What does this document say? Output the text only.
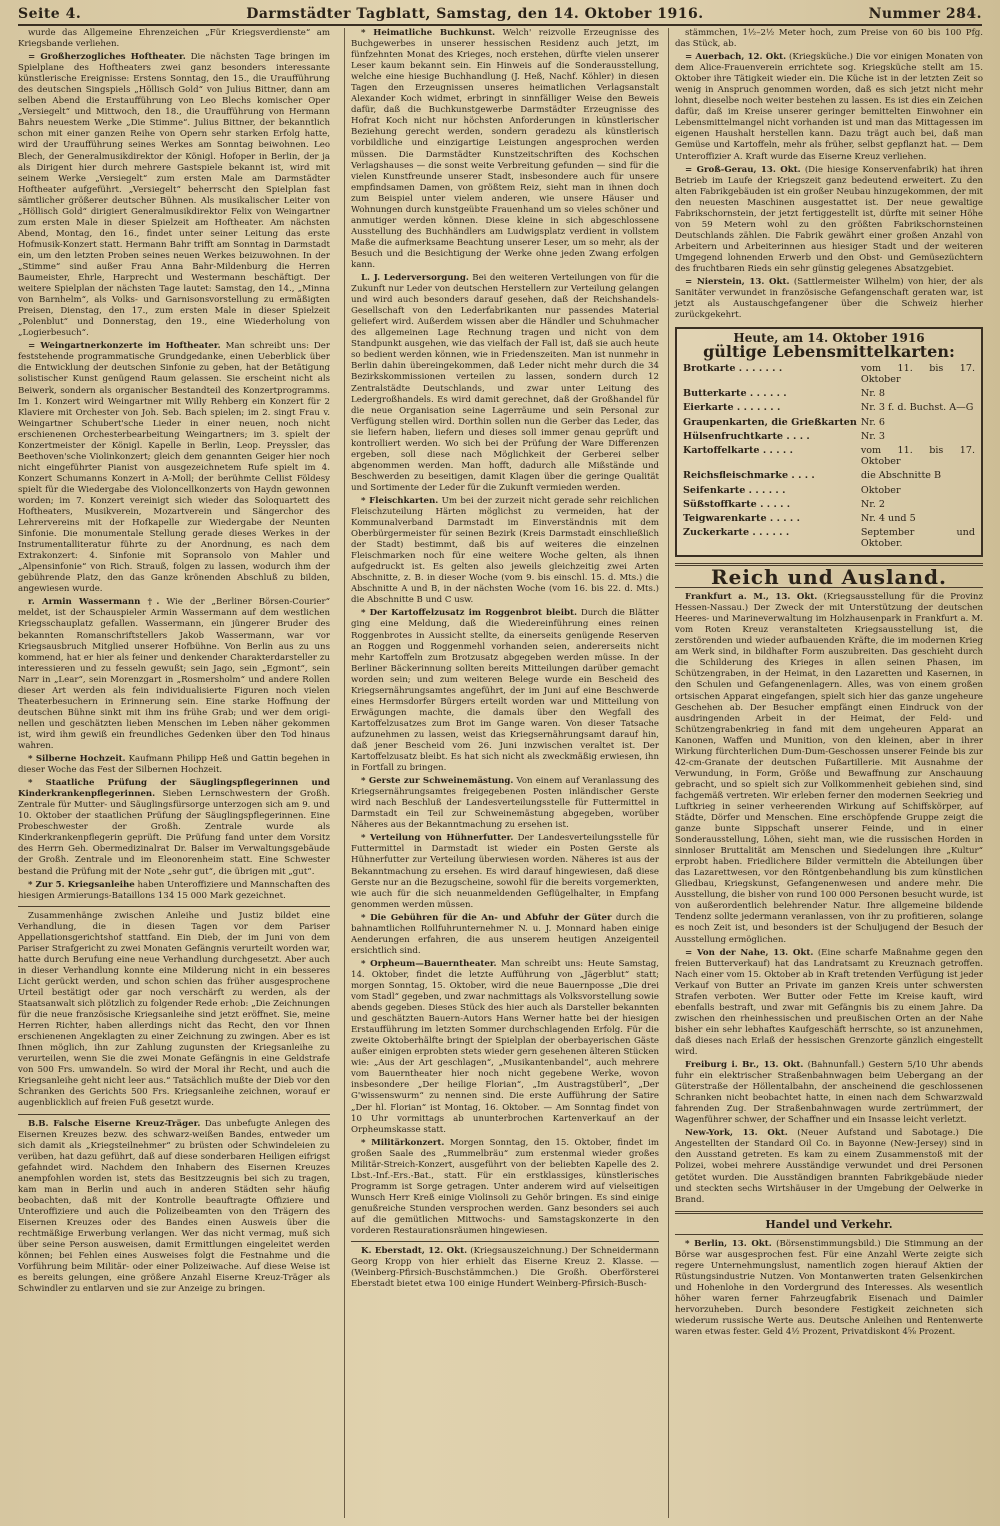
Seite 4.	Darmstädter Tagblatt, Samstag, den 14. Oktober 1916.	Nummer 284.

wurde das Allgemeine Ehrenzeichen „Für Kriegsverdienste“ am Kriegsbande verliehen.

= Großherzogliches Hoftheater. Die nächsten Tage bringen im Spielplane des Hoftheaters zwei ganz besonders interessante künstlerische Ereignisse: Erstens Sonntag, den 15., die Uraufführung des deutschen Singspiels „Höllisch Gold“ von Julius Bittner, dann am selben Abend die Erstaufführung von Leo Blechs komischer Oper „Versiegelt“ und Mittwoch, den 18., die Uraufführung von Hermann Bahrs neuestem Werke „Die Stimme“. Julius Bittner, der bekanntlich schon mit einer ganzen Reihe von Opern sehr starken Erfolg hatte, wird der Uraufführung seines Werkes am Sonntag beiwohnen. Leo Blech, der Generalmusikdirektor der Königl. Hofoper in Berlin, der ja als Dirigent hier durch mehrere Gastspiele bekannt ist, wird mit seinem Werke „Versiegelt“ zum ersten Male am Darmstädter Hoftheater aufgeführt. „Versiegelt“ beherrscht den Spielplan fast sämtlicher größerer deutscher Bühnen. Als musikalischer Leiter von „Höllisch Gold“ dirigiert Generalmusikdirektor Felix von Weingartner zum ersten Male in dieser Spielzeit am Hoftheater. Am nächsten Abend, Montag, den 16., findet unter seiner Leitung das erste Hofmusik-Konzert statt. Hermann Bahr trifft am Sonntag in Darmstadt ein, um den letzten Proben seines neuen Werkes beizuwohnen. In der „Stimme“ sind außer Frau Anna Bahr-Mildenburg die Herren Baumeister, Ehrle, Harprecht und Westermann beschäftigt. Der weitere Spielplan der nächsten Tage lautet: Samstag, den 14., „Minna von Barnhelm“, als Volks- und Garnisonsvorstellung zu ermäßigten Preisen, Dienstag, den 17., zum ersten Male in dieser Spielzeit „Polenblut“ und Donnerstag, den 19., eine Wiederholung von „Logierbesuch“.

= Weingartnerkonzerte im Hoftheater. Man schreibt uns: Der feststehende programmatische Grundgedanke, einen Ueberblick über die Entwicklung der deutschen Sinfonie zu geben, hat der Betätigung solistischer Kunst genügend Raum gelassen. Sie erscheint nicht als Beiwerk, sondern als organischer Bestandteil des Konzertprogramms. Im 1. Konzert wird Weingartner mit Willy Rehberg ein Konzert für 2 Klaviere mit Orchester von Joh. Seb. Bach spielen; im 2. singt Frau v. Weingartner Schubert'sche Lieder in einer neuen, noch nicht erschienenen Orchesterbearbeitung Weingartners; im 3. spielt der Konzertmeister der Königl. Kapelle in Berlin, Leop. Preyssler, das Beethoven'sche Violinkonzert; gleich dem genannten Geiger hier noch nicht eingeführter Pianist von ausgezeichnetem Rufe spielt im 4. Konzert Schumanns Konzert in A-Moll; der berühmte Cellist Földesy spielt für die Wiedergabe des Violoncellkonzerts von Haydn gewonnen worden; im 7. Konzert vereinigt sich wieder das Soloquartett des Hoftheaters, Musikverein, Mozartverein und Sängerchor des Lehrervereins mit der Hofkapelle zur Wiedergabe der Neunten Sinfonie. Die monumentale Stellung gerade dieses Werkes in der Instrumentalliteratur führte zu der Anordnung, es nach dem Extrakonzert: 4. Sinfonie mit Sopransolo von Mahler und „Alpensinfonie“ von Rich. Strauß, folgen zu lassen, wodurch ihm der gebührende Platz, den das Ganze krönenden Abschluß zu bilden, angewiesen wurde.

r. Armin Wassermann †. Wie der „Berliner Börsen-Courier“ meldet, ist der Schauspieler Armin Wassermann auf dem westlichen Kriegsschauplatz gefallen. Wassermann, ein jüngerer Bruder des bekannten Romanschriftstellers Jakob Wassermann, war vor Kriegsausbruch Mitglied unserer Hofbühne. Von Berlin aus zu uns kommend, hat er hier als feiner und denkender Charakterdarsteller zu interessieren und zu fesseln gewußt; sein Jago, sein „Egmont“, sein Narr in „Lear“, sein Morenzgart in „Rosmersholm“ und andere Rollen dieser Art werden als fein individualisierte Figuren noch vielen Theaterbesuchern in Erinnerung sein. Eine starke Hoffnung der deutschen Bühne sinkt mit ihm ins frühe Grab; und wer dem origi-nellen und geschätzten lieben Menschen im Leben näher gekommen ist, wird ihm gewiß ein freundliches Gedenken über den Tod hinaus wahren.

* Silberne Hochzeit. Kaufmann Philipp Heß und Gattin begehen in dieser Woche das Fest der Silbernen Hochzeit.

* Staatliche Prüfung der Säuglingspflegerinnen und Kinderkrankenpflegerinnen. Sieben Lernschwestern der Großh. Zentrale für Mutter- und Säuglingsfürsorge unterzogen sich am 9. und 10. Oktober der staatlichen Prüfung der Säuglingspflegerinnen. Eine Probeschwester der Großh. Zentrale wurde als Kinderkrankenpflegerin geprüft. Die Prüfung fand unter dem Vorsitz des Herrn Geh. Obermedizinalrat Dr. Balser im Verwaltungsgebäude der Großh. Zentrale und im Eleonorenheim statt. Eine Schwester bestand die Prüfung mit der Note „sehr gut“, die übrigen mit „gut“.

* Zur 5. Kriegsanleihe haben Unteroffiziere und Mannschaften des hiesigen Armierungs-Bataillons 134 15 000 Mark gezeichnet.

Zusammenhänge zwischen Anleihe und Justiz bildet eine Verhandlung, die in diesen Tagen vor dem Pariser Appellationsgerichtshof stattfand. Ein Dieb, der im Juni von dem Pariser Strafgericht zu zwei Monaten Gefängnis verurteilt worden war, hatte durch Berufung eine neue Verhandlung durchgesetzt. Aber auch in dieser Verhandlung konnte eine Milderung nicht in ein besseres Licht gerückt werden, und schon schien das früher ausgesprochene Urteil bestätigt oder gar noch verschärft zu werden, als der Staatsanwalt sich plötzlich zu folgender Rede erhob: „Die Zeichnungen für die neue französische Kriegsanleihe sind jetzt eröffnet. Sie, meine Herren Richter, haben allerdings nicht das Recht, den vor Ihnen erschienenen Angeklagten zu einer Zeichnung zu zwingen. Aber es ist Ihnen möglich, ihn zur Zahlung zugunsten der Kriegsanleihe zu verurteilen, wenn Sie die zwei Monate Gefängnis in eine Geldstrafe von 500 Frs. umwandeln. So wird der Moral ihr Recht, und auch die Kriegsanleihe geht nicht leer aus.“ Tatsächlich mußte der Dieb vor den Schranken des Gerichts 500 Frs. Kriegsanleihe zeichnen, worauf er augenblicklich auf freien Fuß gesetzt wurde.

B.B. Falsche Eiserne Kreuz-Träger. Das unbefugte Anlegen des Eisernen Kreuzes bezw. des schwarz-weißen Bandes, entweder um sich damit als „Kriegsteilnehmer“ zu brüsten oder Schwindeleien zu verüben, hat dazu geführt, daß auf diese sonderbaren Heiligen eifrigst gefahndet wird. Nachdem den Inhabern des Eisernen Kreuzes anempfohlen worden ist, stets das Besitzzeugnis bei sich zu tragen, kam man in Berlin und auch in anderen Städten sehr häufig beobachten, daß mit der Kontrolle beauftragte Offiziere und Unteroffiziere und auch die Polizeibeamten von den Trägern des Eisernen Kreuzes oder des Bandes einen Ausweis über die rechtmäßige Erwerbung verlangen. Wer das nicht vermag, muß sich über seine Person ausweisen, damit Ermittlungen eingeleitet werden können; bei Fehlen eines Ausweises folgt die Festnahme und die Vorführung beim Militär- oder einer Polizeiwache. Auf diese Weise ist es bereits gelungen, eine größere Anzahl Eiserne Kreuz-Träger als Schwindler zu entlarven und sie zur Anzeige zu bringen.

* Heimatliche Buchkunst. Welch' reizvolle Erzeugnisse des Buchgewerbes in unserer hessischen Residenz auch jetzt, im fünfzehnten Monat des Krieges, noch erstehen, dürfte vielen unserer Leser kaum bekannt sein. Ein Hinweis auf die Sonderausstellung, welche eine hiesige Buchhandlung (J. Heß, Nachf. Köhler) in diesen Tagen den Erzeugnissen unseres heimatlichen Verlagsanstalt Alexander Koch widmet, erbringt in sinnfälliger Weise den Beweis dafür, daß die Buchkunstgewerbe Darmstädter Erzeugnisse des Hofrat Koch nicht nur höchsten Anforderungen in künstlerischer Beziehung gerecht werden, sondern geradezu als künstlerisch vorbildliche und einzigartige Leistungen angesprochen werden müssen. Die Darmstädter Kunstzeitschriften des Kochschen Verlagshauses — die sonst weite Verbreitung gefunden — sind für die vielen Kunstfreunde unserer Stadt, insbesondere auch für unsere empfindsamen Damen, von größtem Reiz, sieht man in ihnen doch zum Beispiel unter vielem anderen, wie unsere Häuser und Wohnungen durch kunstgeübte Frauenhand um so vieles schöner und anmutiger werden können. Diese kleine in sich abgeschlossene Ausstellung des Buchhändlers am Ludwigsplatz verdient in vollstem Maße die aufmerksame Beachtung unserer Leser, um so mehr, als der Besuch und die Besichtigung der Werke ohne jeden Zwang erfolgen kann.

L. J. Lederversorgung. Bei den weiteren Verteilungen von für die Zukunft nur Leder von deutschen Herstellern zur Verteilung gelangen und wird auch besonders darauf gesehen, daß der Reichshandels-Gesellschaft von den Lederfabrikanten nur passendes Material geliefert wird. Außerdem wissen aber die Händler und Schuhmacher des allgemeinen Lage Rechnung tragen und nicht von dem Standpunkt ausgehen, wie das vielfach der Fall ist, daß sie auch heute so bedient werden können, wie in Friedenszeiten. Man ist nunmehr in Berlin dahin übereingekommen, daß Leder nicht mehr durch die 34 Bezirkskommissionen verteilen zu lassen, sondern durch 12 Zentralstädte Deutschlands, und zwar unter Leitung des Ledergroßhandels. Es wird damit gerechnet, daß der Großhandel für die neue Organisation seine Lagerräume und sein Personal zur Verfügung stellen wird. Dorthin sollen nun die Gerber das Leder, das sie liefern haben, liefern und dieses soll immer genau geprüft und kontrolliert werden. Wo sich bei der Prüfung der Ware Differenzen ergeben, soll diese nach Möglichkeit der Gerberei selber abgenommen werden. Man hofft, dadurch alle Mißstände und Beschwerden zu beseitigen, damit Klagen über die geringe Qualität und Sortimente der Leder für die Zukunft vermieden werden.

* Fleischkarten. Um bei der zurzeit nicht gerade sehr reichlichen Fleischzuteilung Härten möglichst zu vermeiden, hat der Kommunalverband Darmstadt im Einverständnis mit dem Oberbürgermeister für seinen Bezirk (Kreis Darmstadt einschließlich der Stadt) bestimmt, daß bis auf weiteres die einzelnen Fleischmarken noch für eine weitere Woche gelten, als ihnen aufgedruckt ist. Es gelten also jeweils gleichzeitig zwei Arten Abschnitte, z. B. in dieser Woche (vom 9. bis einschl. 15. d. Mts.) die Abschnitte A und B, in der nächsten Woche (vom 16. bis 22. d. Mts.) die Abschnitte B und C usw.

* Der Kartoffelzusatz im Roggenbrot bleibt. Durch die Blätter ging eine Meldung, daß die Wiedereinführung eines reinen Roggenbrotes in Aussicht stellte, da einerseits genügende Reserven an Roggen und Roggenmehl vorhanden seien, andererseits nicht mehr Kartoffeln zum Brotzusatz abgegeben werden müsse. In der Berliner Bäckerinnung sollten bereits Mitteilungen darüber gemacht worden sein; und zum weiteren Belege wurde ein Bescheid des Kriegsernährungsamtes angeführt, der im Juni auf eine Beschwerde eines Hermsdorfer Bürgers erteilt worden war und Mitteilung von Erwägungen machte, die damals über den Wegfall des Kartoffelzusatzes zum Brot im Gange waren. Von dieser Tatsache aufzunehmen zu lassen, weist das Kriegsernährungsamt darauf hin, daß jener Bescheid vom 26. Juni inzwischen veraltet ist. Der Kartoffelzusatz bleibt. Es hat sich nicht als zweckmäßig erwiesen, ihn in Fortfall zu bringen.

* Gerste zur Schweinemästung. Von einem auf Veranlassung des Kriegsernährungsamtes freigegebenen Posten inländischer Gerste wird nach Beschluß der Landesverteilungsstelle für Futtermittel in Darmstadt ein Teil zur Schweinemästung abgegeben, worüber Näheres aus der Bekanntmachung zu ersehen ist.

* Verteilung von Hühnerfutter. Der Landesverteilungsstelle für Futtermittel in Darmstadt ist wieder ein Posten Gerste als Hühnerfutter zur Verteilung überwiesen worden. Näheres ist aus der Bekanntmachung zu ersehen. Es wird darauf hingewiesen, daß diese Gerste nur an die Bezugscheine, sowohl für die bereits vorgemerkten, wie auch für die sich neuanmeldenden Geflügelhalter, in Empfang genommen werden müssen.

* Die Gebühren für die An- und Abfuhr der Güter durch die bahnamtlichen Rollfuhrunternehmer N. u. J. Monnard haben einige Aenderungen erfahren, die aus unserem heutigen Anzeigenteil ersichtlich sind.

* Orpheum—Bauerntheater. Man schreibt uns: Heute Samstag, 14. Oktober, findet die letzte Aufführung von „Jägerblut“ statt; morgen Sonntag, 15. Oktober, wird die neue Bauernposse „Die drei vom Stadl“ gegeben, und zwar nachmittags als Volksvorstellung sowie abends gegeben. Dieses Stück des hier auch als Darsteller bekannten und geschätzten Bauern-Autors Hans Werner hatte bei der hiesigen Erstaufführung im letzten Sommer durchschlagenden Erfolg. Für die zweite Oktoberhälfte bringt der Spielplan der oberbayerischen Gäste außer einigen erprobten stets wieder gern gesehenen älteren Stücken wie: „Aus der Art geschlagen“, „Musikantenbandel“, auch mehrere vom Bauerntheater hier noch nicht gegebene Werke, wovon insbesondere „Der heilige Florian“, „Im Austragstüberl“, „Der G'wissenswurm“ zu nennen sind. Die erste Aufführung der Satire „Der hl. Florian“ ist Montag, 16. Oktober. — Am Sonntag findet von 10 Uhr vormittags ab ununterbrochen Kartenverkauf an der Orpheumskasse statt.

* Militärkonzert. Morgen Sonntag, den 15. Oktober, findet im großen Saale des „Rummelbräu“ zum erstenmal wieder großes Militär-Streich-Konzert, ausgeführt von der beliebten Kapelle des 2. Lbst.-Inf.-Ers.-Bat., statt. Für ein erstklassiges, künstlerisches Programm ist Sorge getragen. Unter anderem wird auf vielseitigen Wunsch Herr Kreß einige Violinsoli zu Gehör bringen. Es sind einige genußreiche Stunden versprochen werden. Ganz besonders sei auch auf die gemütlichen Mittwochs- und Samstagskonzerte in den vorderen Restaurationsräumen hingewiesen.

K. Eberstadt, 12. Okt. (Kriegsauszeichnung.) Der Schneidermann Georg Kropp von hier erhielt das Eiserne Kreuz 2. Klasse. — (Weinberg-Pfirsich-Buschstämmchen.) Die Großh. Oberförsterei Eberstadt bietet etwa 100 einige Hundert Weinberg-Pfirsich-Busch-

stämmchen, 1½–2½ Meter hoch, zum Preise von 60 bis 100 Pfg. das Stück, ab.

= Auerbach, 12. Okt. (Kriegsküche.) Die vor einigen Monaten von dem Alice-Frauenverein errichtete sog. Kriegsküche stellt am 15. Oktober ihre Tätigkeit wieder ein. Die Küche ist in der letzten Zeit so wenig in Anspruch genommen worden, daß es sich jetzt nicht mehr lohnt, dieselbe noch weiter bestehen zu lassen. Es ist dies ein Zeichen dafür, daß im Kreise unserer geringer bemittelten Einwohner ein Lebensmittelmangel nicht vorhanden ist und man das Mittagessen im eigenen Haushalt herstellen kann. Dazu trägt auch bei, daß man Gemüse und Kartoffeln, mehr als früher, selbst gepflanzt hat. — Dem Unteroffizier A. Kraft wurde das Eiserne Kreuz verliehen.

= Groß-Gerau, 13. Okt. (Die hiesige Konservenfabrik) hat ihren Betrieb im Laufe der Kriegszeit ganz bedeutend erweitert. Zu den alten Fabrikgebäuden ist ein großer Neubau hinzugekommen, der mit den neuesten Maschinen ausgestattet ist. Der neue gewaltige Fabrikschornstein, der jetzt fertiggestellt ist, dürfte mit seiner Höhe von 59 Metern wohl zu den größten Fabrikschornsteinen Deutschlands zählen. Die Fabrik gewährt einer großen Anzahl von Arbeitern und Arbeiterinnen aus hiesiger Stadt und der weiteren Umgegend lohnenden Erwerb und den Obst- und Gemüsezüchtern des fruchtbaren Rieds ein sehr günstig gelegenes Absatzgebiet.

= Nierstein, 13. Okt. (Sattlermeister Wilhelm) von hier, der als Sanitäter verwundet in französische Gefangenschaft geraten war, ist jetzt als Austauschgefangener über die Schweiz hierher zurückgekehrt.

Heute, am 14. Oktober 1916
gültige Lebensmittelkarten:
Brotkarte . . . . . . .	vom 11. bis 17. Oktober
Butterkarte . . . . . .	Nr. 8
Eierkarte . . . . . . .	Nr. 3 f. d. Buchst. A—G
Graupenkarten, die Grießkarten	Nr. 6
Hülsenfruchtkarte . . . .	Nr. 3
Kartoffelkarte . . . . .	vom 11. bis 17. Oktober
Reichsfleischmarke . . . .	die Abschnitte B
Seifenkarte . . . . . .	Oktober
Süßstoffkarte . . . . .	Nr. 2
Teigwarenkarte . . . . .	Nr. 4 und 5
Zuckerkarte . . . . . .	September und Oktober.
Reich und Ausland.

Frankfurt a. M., 13. Okt. (Kriegsausstellung für die Provinz Hessen-Nassau.) Der Zweck der mit Unterstützung der deutschen Heeres- und Marineverwaltung im Holzhausenpark in Frankfurt a. M. vom Roten Kreuz veranstalteten Kriegsausstellung ist, die zerstörenden und wieder aufbauenden Kräfte, die im modernen Krieg am Werk sind, in bildhafter Form auszubreiten. Das geschieht durch die Schilderung des Krieges in allen seinen Phasen, im Schützengraben, in der Heimat, in den Lazaretten und Kasernen, in den Schulen und Gefangenenlagern. Alles, was von einem großen ortsischen Apparat eingefangen, spielt sich hier das ganze ungeheure Geschehen ab. Der Besucher empfängt einen Eindruck von der ausdringenden Arbeit in der Heimat, der Feld- und Schützengrabenkrieg in fand mit dem ungeheuren Apparat an Kanonen, Waffen und Munition, von den kleinen, aber in ihrer Wirkung fürchterlichen Dum-Dum-Geschossen unserer Feinde bis zur 42-cm-Granate der deutschen Fußartillerie. Mit Ausnahme der Verwundung, in Form, Größe und Bewaffnung zur Anschauung gebracht, und so spielt sich zur Vollkommenheit gebiehen sind, sind fachgemäß vertreten. Wir erleben ferner den modernen Seekrieg und Luftkrieg in seiner verheerenden Wirkung auf Schiffskörper, auf Städte, Dörfer und Menschen. Eine erschöpfende Gruppe zeigt die ganze bunte Sippschaft unserer Feinde, und in einer Sonderausstellung, Löhen, sieht man, wie die russischen Horden in sinnloser Bruttalität am Menschen und Siedelungen ihre „Kultur“ erprobt haben. Friedlichere Bilder vermitteln die Abteilungen über das Lazarettwesen, vor den Röntgenbehandlung bis zum künstlichen Gliedbau, Kriegskunst, Gefangenenwesen und andere mehr. Die Ausstellung, die bisher von rund 100 000 Personen besucht wurde, ist von außerordentlich belehrender Natur. Ihre allgemeine bildende Tendenz sollte jedermann veranlassen, von ihr zu profitieren, solange es noch Zeit ist, und besonders ist der Schuljugend der Besuch der Ausstellung ermöglichen.

= Von der Nahe, 13. Okt. (Eine scharfe Maßnahme gegen den freien Butterverkauf) hat das Landratsamt zu Kreuznach getroffen. Nach einer vom 15. Oktober ab in Kraft tretenden Verfügung ist jeder Verkauf von Butter an Private im ganzen Kreis unter schwersten Strafen verboten. Wer Butter oder Fette im Kreise kauft, wird ebenfalls bestraft, und zwar mit Gefängnis bis zu einem Jahre. Da zwischen den rheinhessischen und preußischen Orten an der Nahe bisher ein sehr lebhaftes Kaufgeschäft herrschte, so ist anzunehmen, daß dieses nach Erlaß der hessischen Grenzorte gänzlich eingestellt wird.

Freiburg i. Br., 13. Okt. (Bahnunfall.) Gestern 5/10 Uhr abends fuhr ein elektrischer Straßenbahnwagen beim Uebergang an der Güterstraße der Höllentalbahn, der anscheinend die geschlossenen Schranken nicht beobachtet hatte, in einen nach dem Schwarzwald fahrenden Zug. Der Straßenbahnwagen wurde zertrümmert, der Wagenführer schwer, der Schaffner und ein Insasse leicht verletzt.

New-York, 13. Okt. (Neuer Aufstand und Sabotage.) Die Angestellten der Standard Oil Co. in Bayonne (New-Jersey) sind in den Ausstand getreten. Es kam zu einem Zusammenstoß mit der Polizei, wobei mehrere Ausständige verwundet und drei Personen getötet wurden. Die Ausständigen brannten Fabrikgebäude nieder und steckten sechs Wirtshäuser in der Umgebung der Oelwerke in Brand.

Handel und Verkehr.

* Berlin, 13. Okt. (Börsenstimmungsbild.) Die Stimmung an der Börse war ausgesprochen fest. Für eine Anzahl Werte zeigte sich regere Unternehmungslust, namentlich zogen hierauf Aktien der Rüstungsindustrie Nutzen. Von Montanwerten traten Gelsenkirchen und Hohenlohe in den Vordergrund des Interesses. Als wesentlich höher waren ferner Fahrzeugfabrik Eisenach und Daimler hervorzuheben. Durch besondere Festigkeit zeichneten sich wiederum russische Werte aus. Deutsche Anleihen und Rentenwerte waren etwas fester. Geld 4½ Prozent, Privatdiskont 4⅝ Prozent.
